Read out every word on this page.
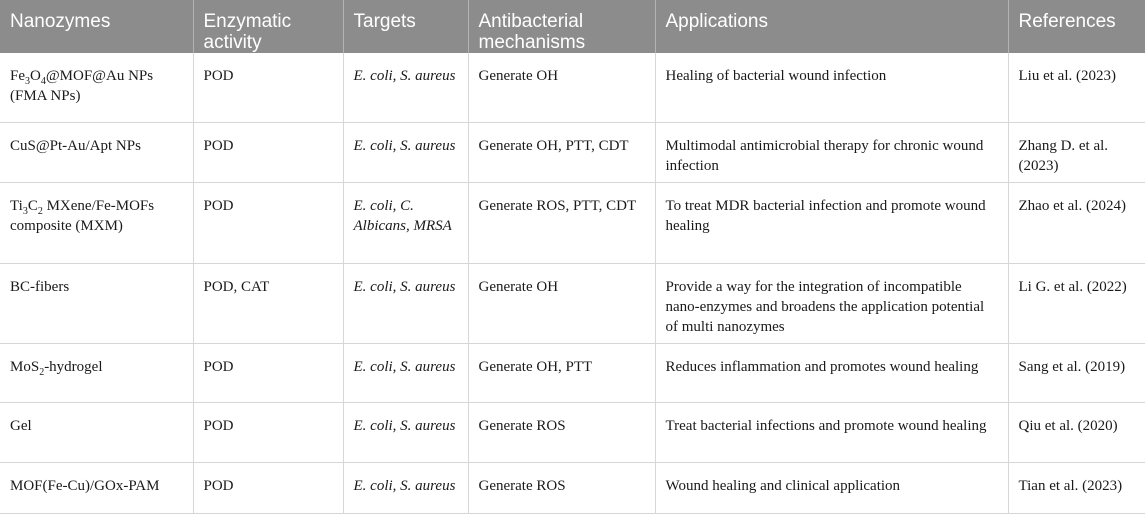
Nanozymes	Enzymatic activity	Targets	Antibacterial mechanisms	Applications	References
$Fe_3O_4@MOF@Au$ NPs (FMA NPs)	POD	E. coli, S. aureus	Generate OH	Healing of bacterial wound infection	Liu et al. (2023)
CuS@Pt-Au/Apt NPs	POD	E. coli, S. aureus	Generate OH, PTT, CDT	Multimodal antimicrobial therapy for chronic wound infection	Zhang D. et al. (2023)
$Ti_3C_2$ MXene/Fe-MOFs composite (MXM)	POD	E. coli, C. Albicans, MRSA	Generate ROS, PTT, CDT	To treat MDR bacterial infection and promote wound healing	Zhao et al. (2024)
BC-fibers	POD, CAT	E. coli, S. aureus	Generate OH	Provide a way for the integration of incompatible nano-enzymes and broadens the application potential of multi nanozymes	Li G. et al. (2022)
MoS$_2$-hydrogel	POD	E. coli, S. aureus	Generate OH, PTT	Reduces inflammation and promotes wound healing	Sang et al. (2019)
Gel	POD	E. coli, S. aureus	Generate ROS	Treat bacterial infections and promote wound healing	Qiu et al. (2020)
MOF(Fe-Cu)/GOx-PAM	POD	E. coli, S. aureus	Generate ROS	Wound healing and clinical application	Tian et al. (2023)
